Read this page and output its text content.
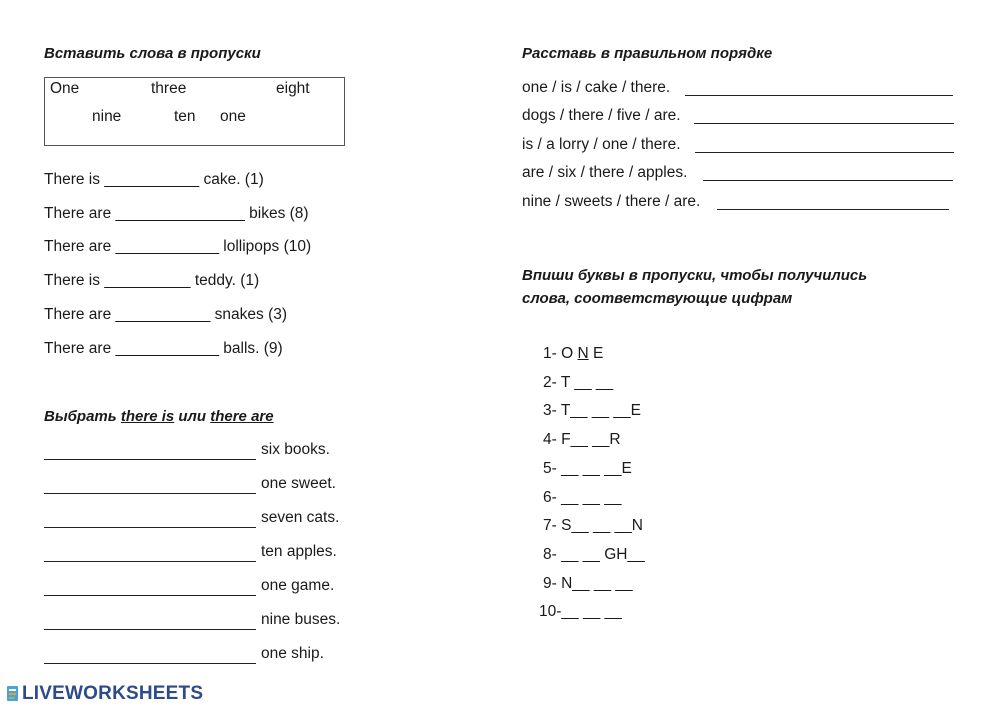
Вставить слова в пропуски
One	three	eight
nine	ten one
There is ___________ cake. (1)
There are _______________ bikes (8)
There are ____________ lollipops (10)
There is __________ teddy. (1)
There are ___________ snakes (3)
There are ____________ balls. (9)
Выбрать there is или there are
six books.
one sweet.
seven cats.
ten apples.
one game.
nine buses.
one ship.
Расставь в правильном порядке
one / is / cake / there.
dogs / there / five / are.
is / a lorry / one / there.
are / six / there / apples.
nine / sweets / there / are.
Впиши буквы в пропуски, чтобы получились
слова, соответствующие цифрам
1- O N E
2- T __ __
3- T__ __ __E
4- F__ __R
5- __ __ __E
6- __ __ __
7- S__ __ __N
8- __ __ GH__
9- N__ __ __
10-__ __ __
LIVEWORKSHEETS
